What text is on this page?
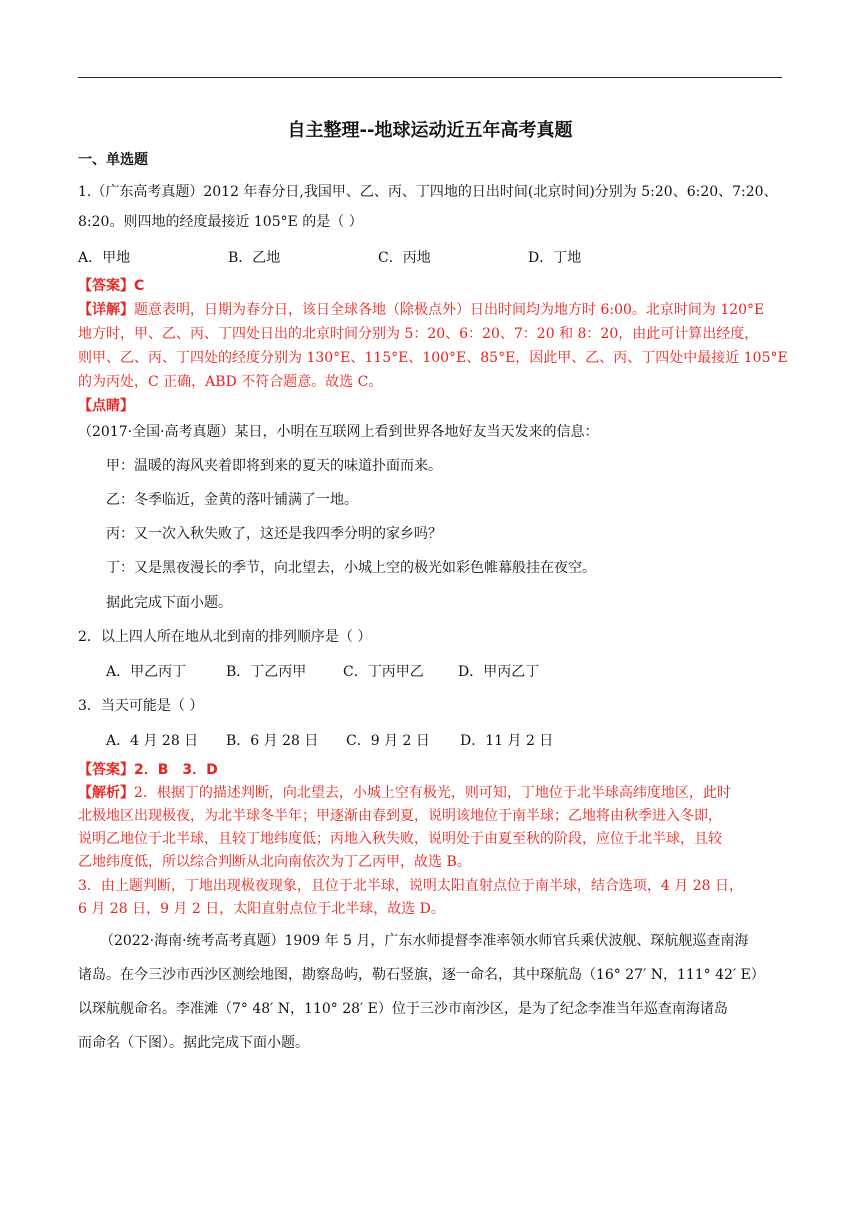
自主整理--地球运动近五年高考真题
一、单选题
1.（广东高考真题）2012 年春分日,我国甲、乙、丙、丁四地的日出时间(北京时间)分别为 5:20、6:20、7:20、
8:20。则四地的经度最接近 105°E 的是（ ）
A．甲地	B．乙地	C．丙地	D．丁地
【答案】C
【详解】题意表明，日期为春分日，该日全球各地（除极点外）日出时间均为地方时 6:00。北京时间为 120°E
地方时，甲、乙、丙、丁四处日出的北京时间分别为 5：20、6：20、7：20 和 8：20，由此可计算出经度，
则甲、乙、丙、丁四处的经度分别为 130°E、115°E、100°E、85°E，因此甲、乙、丙、丁四处中最接近 105°E
的为丙处，C 正确，ABD 不符合题意。故选 C。
【点睛】
（2017·全国·高考真题）某日，小明在互联网上看到世界各地好友当天发来的信息：
甲：温暖的海风夹着即将到来的夏天的味道扑面而来。
乙：冬季临近，金黄的落叶铺满了一地。
丙：又一次入秋失败了，这还是我四季分明的家乡吗？
丁：又是黑夜漫长的季节，向北望去，小城上空的极光如彩色帷幕般挂在夜空。
据此完成下面小题。
2．以上四人所在地从北到南的排列顺序是（ ）
A．甲乙丙丁	B．丁乙丙甲	C．丁丙甲乙 D．甲丙乙丁
3．当天可能是（ ）
A．4 月 28 日 B．6 月 28 日 C．9 月 2 日 D．11 月 2 日
【答案】2．B　3．D
【解析】2．根据丁的描述判断，向北望去，小城上空有极光，则可知，丁地位于北半球高纬度地区，此时
北极地区出现极夜，为北半球冬半年；甲逐渐由春到夏，说明该地位于南半球；乙地将由秋季进入冬即，
说明乙地位于北半球，且较丁地纬度低；丙地入秋失败，说明处于由夏至秋的阶段，应位于北半球，且较
乙地纬度低，所以综合判断从北向南依次为丁乙丙甲，故选 B。
3．由上题判断，丁地出现极夜现象，且位于北半球，说明太阳直射点位于南半球，结合选项，4 月 28 日，
6 月 28 日，9 月 2 日，太阳直射点位于北半球，故选 D。
（2022·海南·统考高考真题）1909 年 5 月，广东水师提督李准率领水师官兵乘伏波舰、琛航舰巡查南海
诸岛。在今三沙市西沙区测绘地图，勘察岛屿，勒石竖旗，逐一命名，其中琛航岛（16° 27′ N，111° 42′ E）
以琛航舰命名。李准滩（7° 48′ N，110° 28′ E）位于三沙市南沙区，是为了纪念李准当年巡查南海诸岛
而命名（下图）。据此完成下面小题。
